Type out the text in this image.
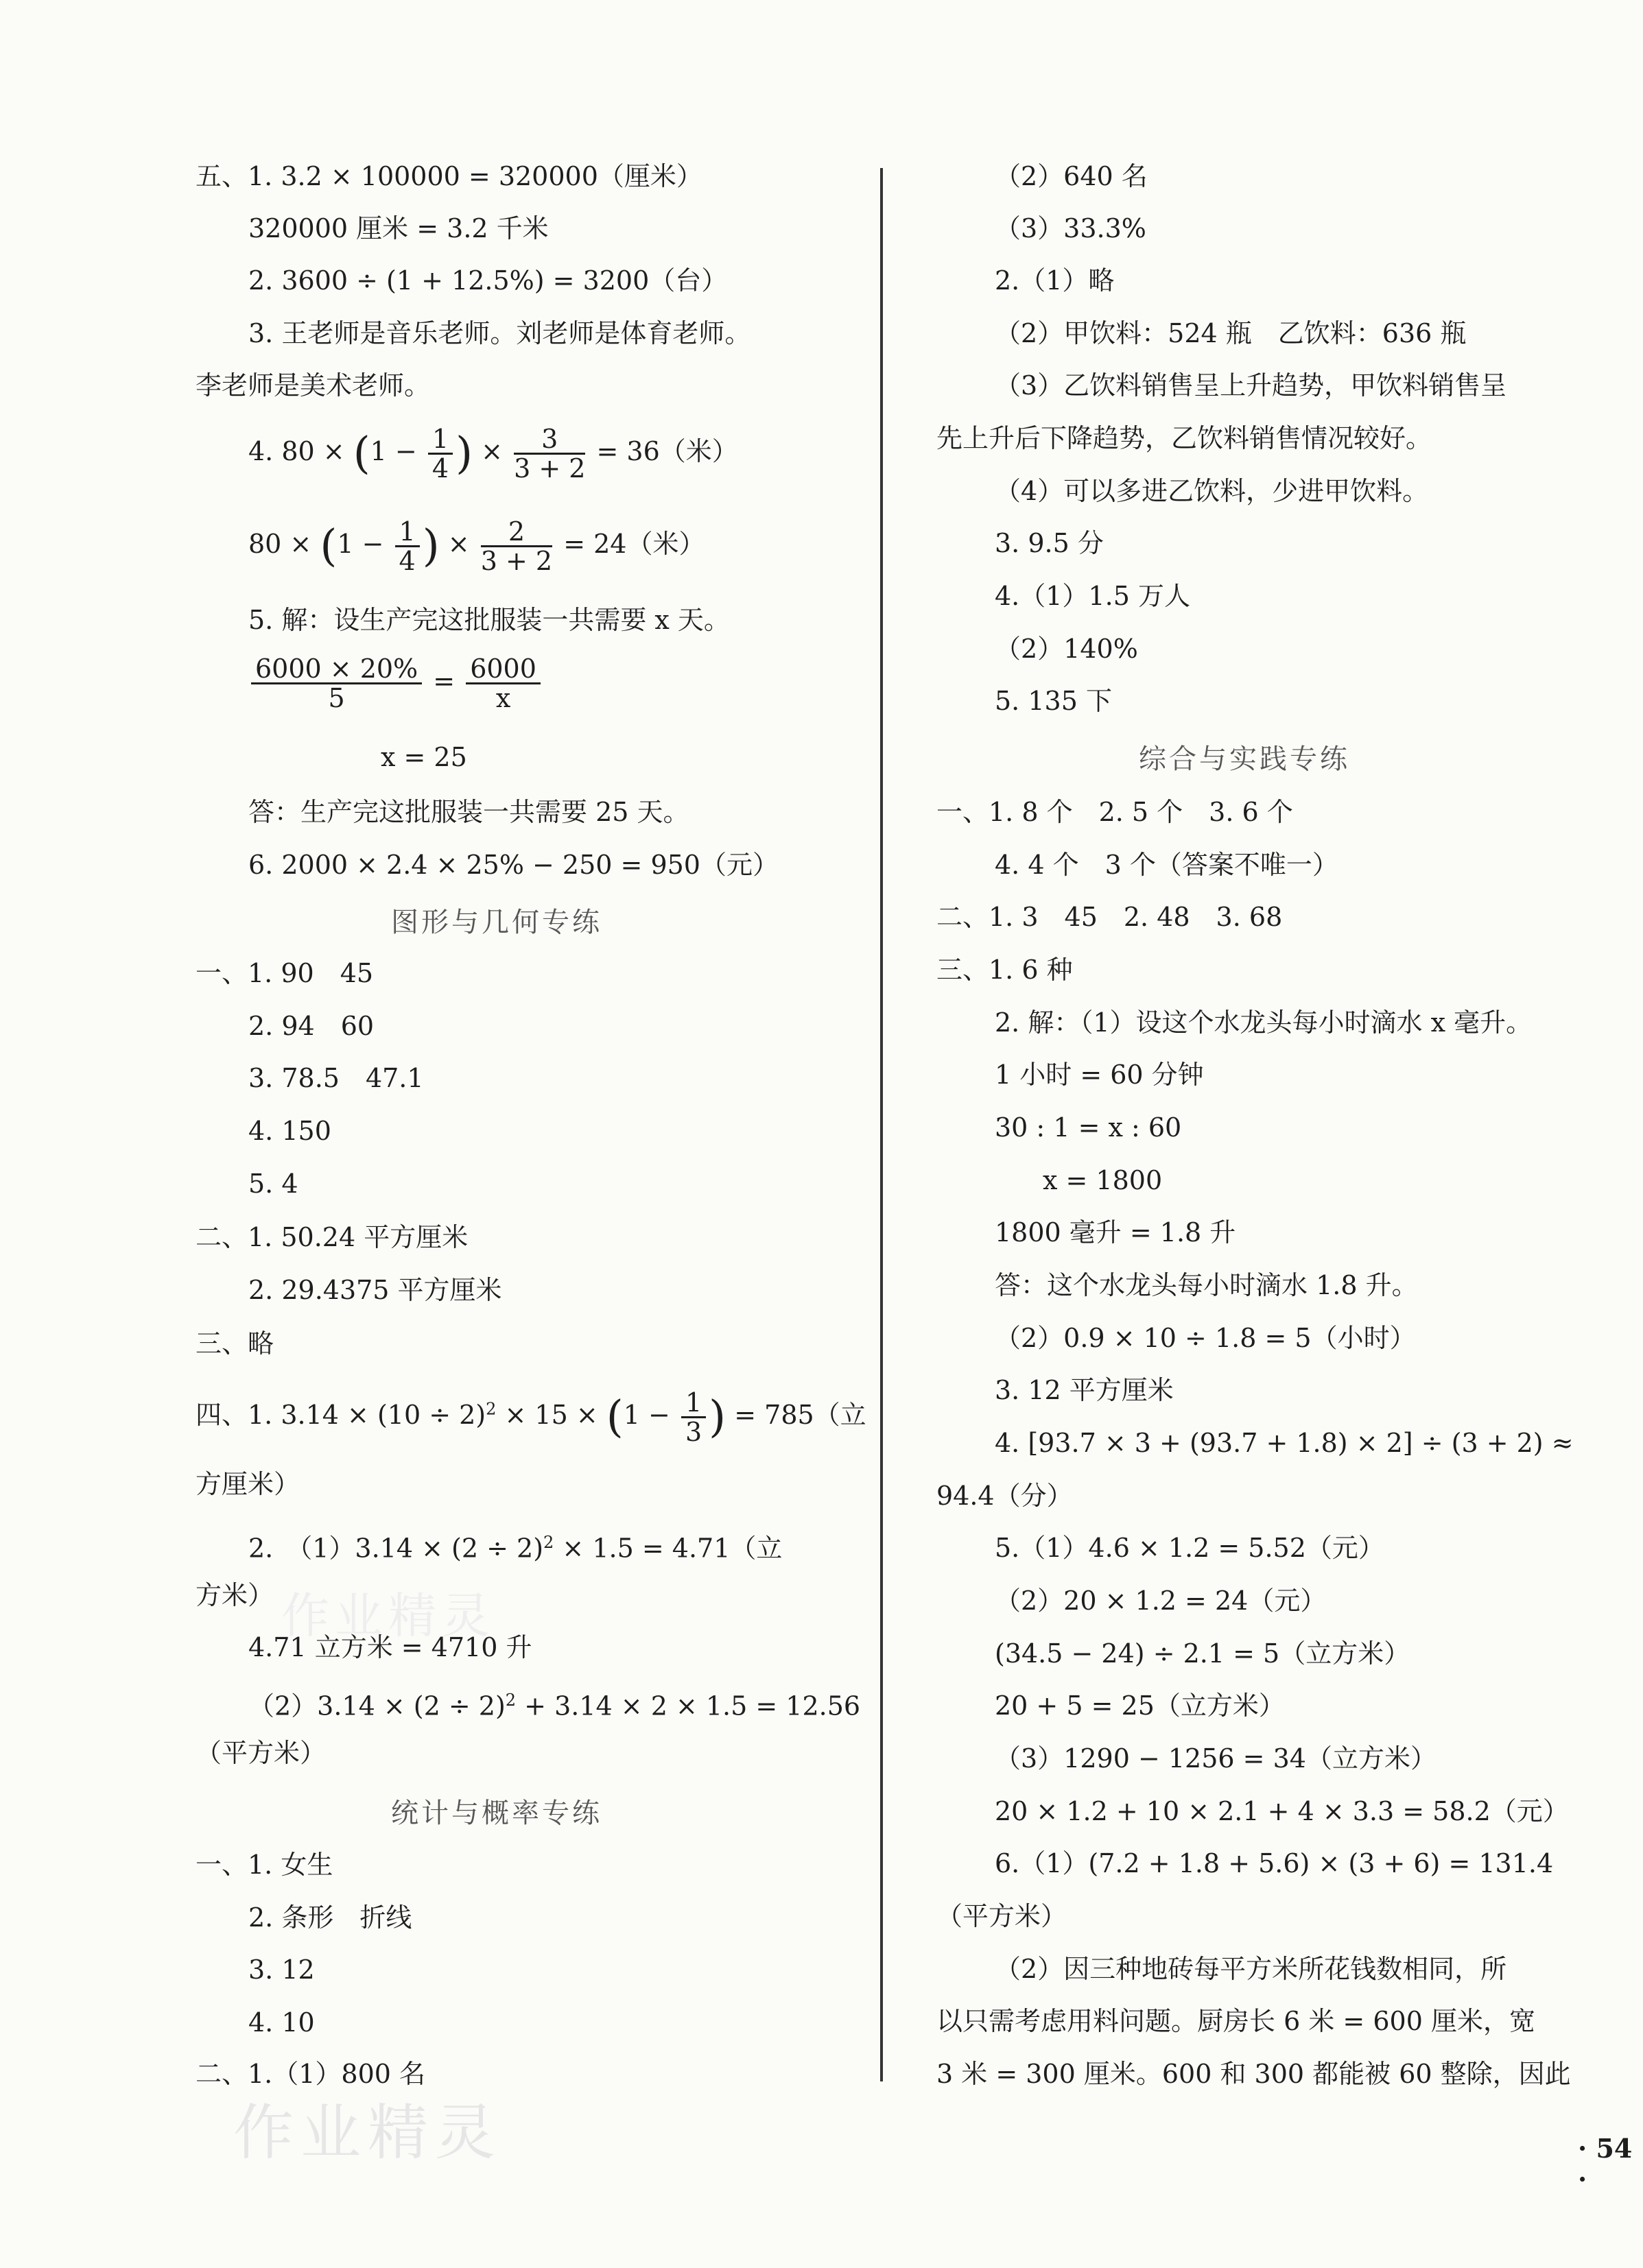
作业精灵
作业精灵
五、1. 3.2 × 100000 = 320000（厘米）
320000 厘米 = 3.2 千米
2. 3600 ÷ (1 + 12.5%) = 3200（台）
3. 王老师是音乐老师。刘老师是体育老师。
李老师是美术老师。
4. $80 \times (1 - \frac{1}{4}$ ) × $\frac{3}{3 + 2} = 36$（米）
$80 \times (1 - \frac{1}{4}$ ) × $\frac{2}{3 + 2} = 24$（米）
5. 解：设生产完这批服装一共需要 x 天。
$\frac{6000 \times 20\%}{5} = \frac{6000}{x}$
x = 25
答：生产完这批服装一共需要 25 天。
6. 2000 × 2.4 × 25% − 250 = 950（元）
图形与几何专练
一、1. 90　45
2. 94　60
3. 78.5　47.1
4. 150
5. 4
二、1. 50.24 平方厘米
2. 29.4375 平方厘米
三、略
四、1. $3.14 \times (10 \div 2)^2 \times 15 \times (1 - \frac{1}{3}$ ) = 785（立
方厘米）
2.　$(1)3.14 \times (2 \div 2)^2 \times 1.5 = 4.71$（立
方米）
4.71 立方米 = 4710 升
$(2)3.14 \times (2 \div 2)^2 + 3.14 \times 2 \times 1.5 = 12.56$
（平方米）
统计与概率专练
一、1. 女生
2. 条形　折线
3. 12
4. 10
二、1.（1）800 名
（2）640 名
（3）33.3%
2.（1）略
（2）甲饮料：524 瓶　乙饮料：636 瓶
（3）乙饮料销售呈上升趋势，甲饮料销售呈
先上升后下降趋势，乙饮料销售情况较好。
（4）可以多进乙饮料，少进甲饮料。
3. 9.5 分
4.（1）1.5 万人
（2）140%
5. 135 下
综合与实践专练
一、1. 8 个　2. 5 个　3. 6 个
4. 4 个　3 个（答案不唯一）
二、1. 3　45　2. 48　3. 68
三、1. 6 种
2. 解：（1）设这个水龙头每小时滴水 x 毫升。
1 小时 = 60 分钟
30 : 1 = x : 60
x = 1800
1800 毫升 = 1.8 升
答：这个水龙头每小时滴水 1.8 升。
（2）0.9 × 10 ÷ 1.8 = 5（小时）
3. 12 平方厘米
4. [93.7 × 3 + (93.7 + 1.8) × 2] ÷ (3 + 2) ≈
94.4（分）
5.（1）4.6 × 1.2 = 5.52（元）
（2）20 × 1.2 = 24（元）
(34.5 − 24) ÷ 2.1 = 5（立方米）
20 + 5 = 25（立方米）
（3）1290 − 1256 = 34（立方米）
20 × 1.2 + 10 × 2.1 + 4 × 3.3 = 58.2（元）
6.（1）(7.2 + 1.8 + 5.6) × (3 + 6) = 131.4
（平方米）
（2）因三种地砖每平方米所花钱数相同，所
以只需考虑用料问题。厨房长 6 米 = 600 厘米，宽
3 米 = 300 厘米。600 和 300 都能被 60 整除，因此
· 54 ·
